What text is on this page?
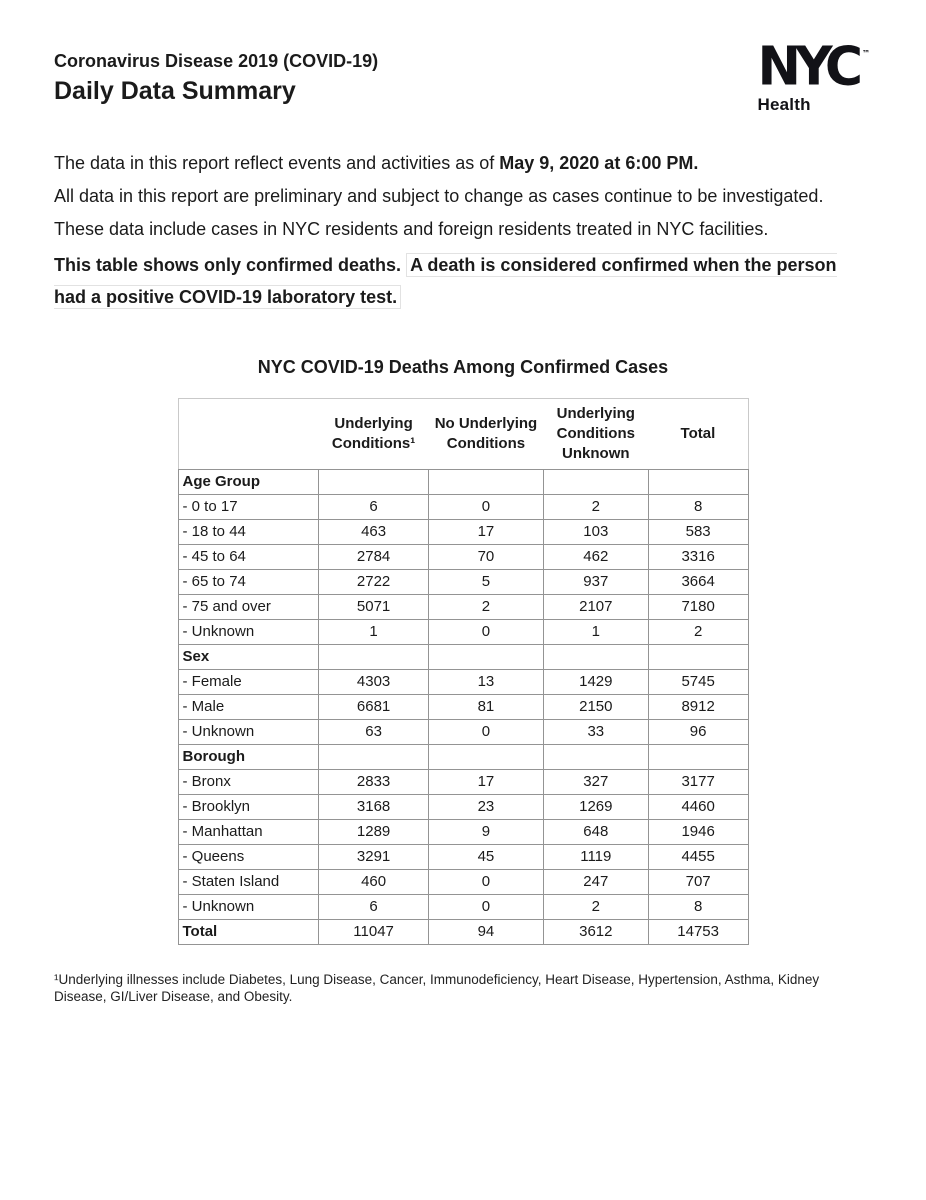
Coronavirus Disease 2019 (COVID-19)
Daily Data Summary	NYC ™
Health

The data in this report reflect events and activities as of May 9, 2020 at 6:00 PM.

All data in this report are preliminary and subject to change as cases continue to be investigated.

These data include cases in NYC residents and foreign residents treated in NYC facilities.

This table shows only confirmed deaths. A death is considered confirmed when the person had a positive COVID-19 laboratory test.

NYC COVID-19 Deaths Among Confirmed Cases
	Underlying Conditions¹	No Underlying Conditions	Underlying Conditions Unknown	Total
Age Group				
- 0 to 17	6	0	2	8
- 18 to 44	463	17	103	583
- 45 to 64	2784	70	462	3316
- 65 to 74	2722	5	937	3664
- 75 and over	5071	2	2107	7180
- Unknown	1	0	1	2
Sex				
- Female	4303	13	1429	5745
- Male	6681	81	2150	8912
- Unknown	63	0	33	96
Borough				
- Bronx	2833	17	327	3177
- Brooklyn	3168	23	1269	4460
- Manhattan	1289	9	648	1946
- Queens	3291	45	1119	4455
- Staten Island	460	0	247	707
- Unknown	6	0	2	8
Total	11047	94	3612	14753

¹Underlying illnesses include Diabetes, Lung Disease, Cancer, Immunodeficiency, Heart Disease, Hypertension, Asthma, Kidney Disease, GI/Liver Disease, and Obesity.
